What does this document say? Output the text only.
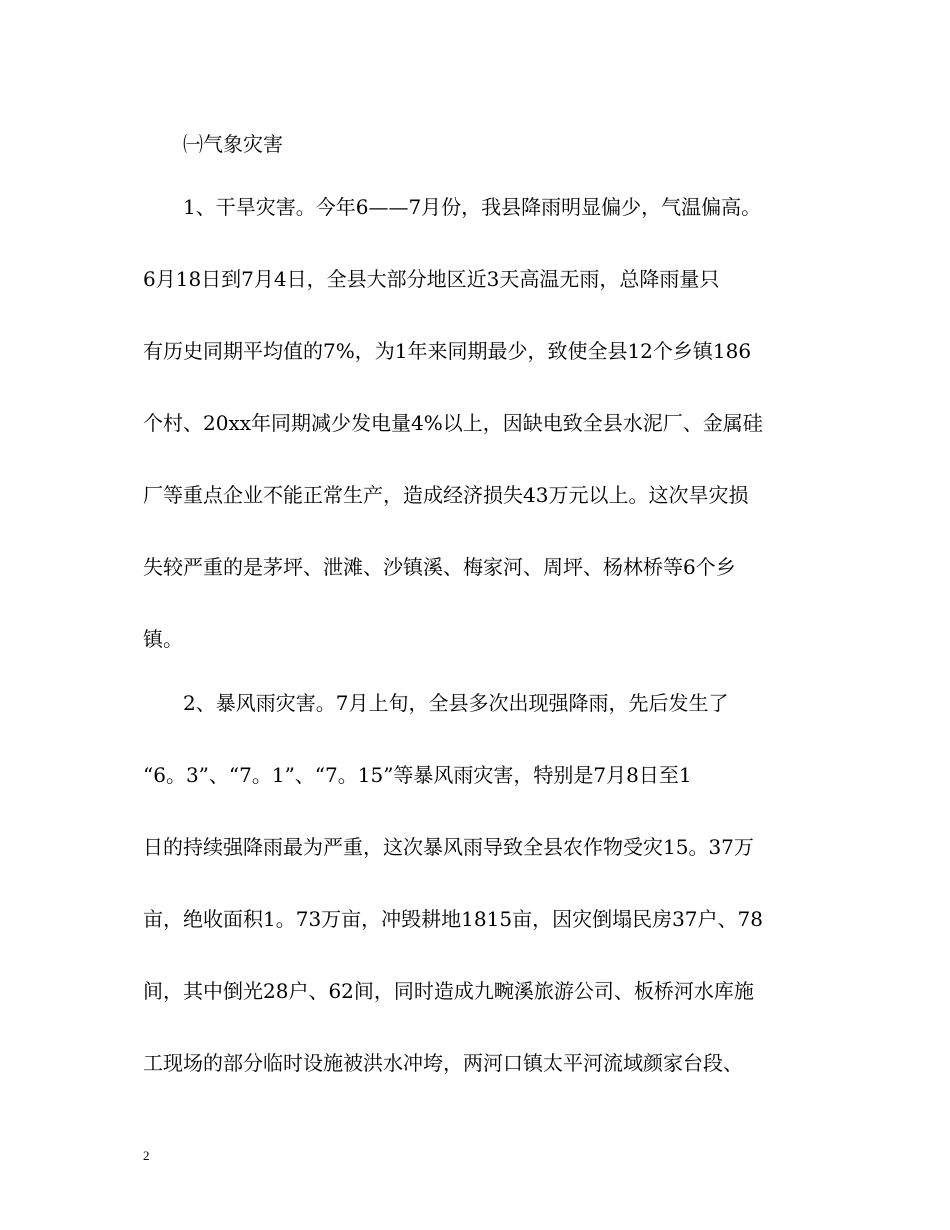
㈠气象灾害
1、干旱灾害。今年6——7月份，我县降雨明显偏少，气温偏高。
6月18日到7月4日，全县大部分地区近3天高温无雨，总降雨量只
有历史同期平均值的7%，为1年来同期最少，致使全县12个乡镇186
个村、20xx年同期减少发电量4%以上，因缺电致全县水泥厂、金属硅
厂等重点企业不能正常生产，造成经济损失43万元以上。这次旱灾损
失较严重的是茅坪、泄滩、沙镇溪、梅家河、周坪、杨林桥等6个乡
镇。
2、暴风雨灾害。7月上旬，全县多次出现强降雨，先后发生了
“6。3”、“7。1”、“7。15”等暴风雨灾害，特别是7月8日至1
日的持续强降雨最为严重，这次暴风雨导致全县农作物受灾15。37万
亩，绝收面积1。73万亩，冲毁耕地1815亩，因灾倒塌民房37户、78
间，其中倒光28户、62间，同时造成九畹溪旅游公司、板桥河水库施
工现场的部分临时设施被洪水冲垮，两河口镇太平河流域颜家台段、
2
